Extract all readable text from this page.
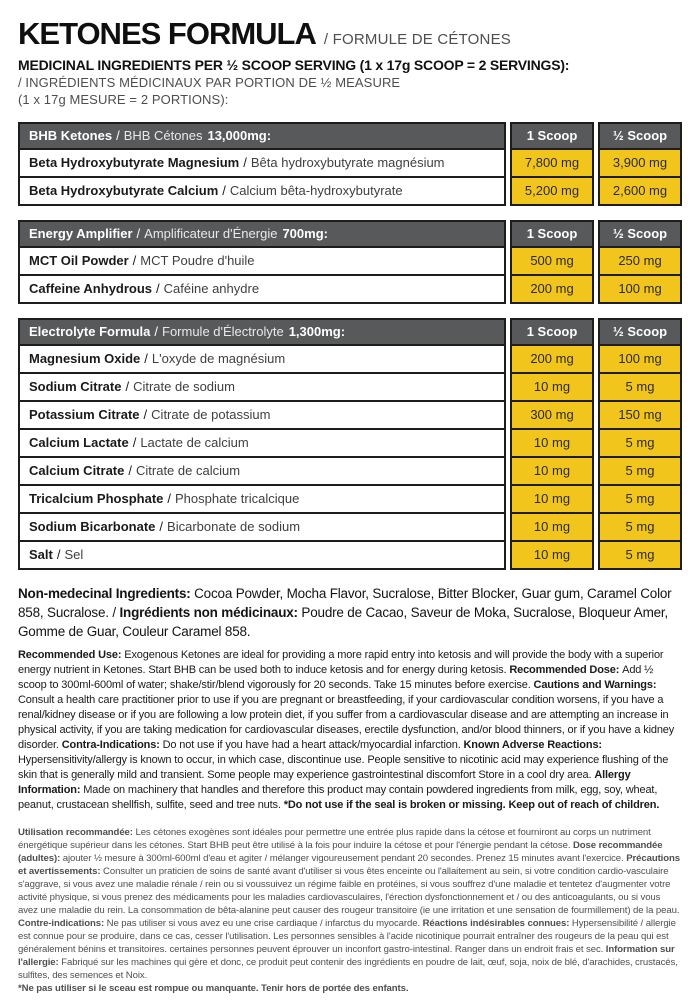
KETONES FORMULA / FORMULE DE CÉTONES
MEDICINAL INGREDIENTS PER ½ SCOOP SERVING (1 x 17g SCOOP = 2 SERVINGS):
/ INGRÉDIENTS MÉDICINAUX PAR PORTION DE ½ MEASURE
(1 x 17g MESURE = 2 PORTIONS):
BHB Ketones / BHB Cétones 13,000mg:	1 Scoop	½ Scoop
Beta Hydroxybutyrate Magnesium / Bêta hydroxybutyrate magnésium	7,800 mg	3,900 mg
Beta Hydroxybutyrate Calcium / Calcium bêta-hydroxybutyrate	5,200 mg	2,600 mg
Energy Amplifier / Amplificateur d'Énergie 700mg:	1 Scoop	½ Scoop
MCT Oil Powder / MCT Poudre d'huile	500 mg	250 mg
Caffeine Anhydrous / Caféine anhydre	200 mg	100 mg
Electrolyte Formula / Formule d'Électrolyte 1,300mg:	1 Scoop	½ Scoop
Magnesium Oxide / L'oxyde de magnésium	200 mg	100 mg
Sodium Citrate / Citrate de sodium	10 mg	5 mg
Potassium Citrate / Citrate de potassium	300 mg	150 mg
Calcium Lactate / Lactate de calcium	10 mg	5 mg
Calcium Citrate / Citrate de calcium	10 mg	5 mg
Tricalcium Phosphate / Phosphate tricalcique	10 mg	5 mg
Sodium Bicarbonate / Bicarbonate de sodium	10 mg	5 mg
Salt / Sel	10 mg	5 mg
Non-medecinal Ingredients: Cocoa Powder, Mocha Flavor, Sucralose, Bitter Blocker, Guar gum, Caramel Color 858, Sucralose. / Ingrédients non médicinaux: Poudre de Cacao, Saveur de Moka, Sucralose, Bloqueur Amer, Gomme de Guar, Couleur Caramel 858.
Recommended Use: Exogenous Ketones are ideal for providing a more rapid entry into ketosis and will provide the body with a superior energy nutrient in Ketones. Start BHB can be used both to induce ketosis and for energy during ketosis. Recommended Dose: Add ½ scoop to 300ml-600ml of water; shake/stir/blend vigorously for 20 seconds. Take 15 minutes before exercise. Cautions and Warnings: Consult a health care practitioner prior to use if you are pregnant or breastfeeding, if your cardiovascular condition worsens, if you have a renal/kidney disease or if you are following a low protein diet, if you suffer from a cardiovascular disease and are attempting an increase in physical activity, if you are taking medication for cardiovascular diseases, erectile dysfunction, and/or blood thinners, or if you have a kidney disorder. Contra-Indications: Do not use if you have had a heart attack/myocardial infarction. Known Adverse Reactions: Hypersensitivity/allergy is known to occur, in which case, discontinue use. People sensitive to nicotinic acid may experience flushing of the skin that is generally mild and transient. Some people may experience gastrointestinal discomfort Store in a cool dry area. Allergy Information: Made on machinery that handles and therefore this product may contain powdered ingredients from milk, egg, soy, wheat, peanut, crustacean shellfish, sulfite, seed and tree nuts. *Do not use if the seal is broken or missing. Keep out of reach of children.
Utilisation recommandée: Les cétones exogènes sont idéales pour permettre une entrée plus rapide dans la cétose et fourniront au corps un nutriment énergétique supérieur dans les cétones. Start BHB peut être utilisé à la fois pour induire la cétose et pour l'énergie pendant la cétose. Dose recommandée (adultes): ajouter ½ mesure à 300ml-600ml d'eau et agiter / mélanger vigoureusement pendant 20 secondes. Prenez 15 minutes avant l'exercice. Précautions et avertissements: Consulter un praticien de soins de santé avant d'utiliser si vous êtes enceinte ou l'allaitement au sein, si votre condition cardio-vasculaire s'aggrave, si vous avez une maladie rénale / rein ou si voussuivez un régime faible en protéines, si vous souffrez d'une maladie et tentetez d'augmenter votre activité physique, si vous prenez des médicaments pour les maladies cardiovasculaires, l'érection dysfonctionnement et / ou des anticoagulants, ou si vous avez une maladie du rein. La consommation de bêta-alanine peut causer des rougeur transitoire (ie une irritation et une sensation de fourmillement) de la peau. Contre-indications: Ne pas utiliser si vous avez eu une crise cardiaque / infarctus du myocarde. Réactions indésirables connues: Hypersensibilité / allergie est connue pour se produire, dans ce cas, cesser l'utilisation. Les personnes sensibles à l'acide nicotinique pourrait entraîner des rougeurs de la peau qui est généralement bénins et transitoires. certaines personnes peuvent éprouver un inconfort gastro-intestinal. Ranger dans un endroit frais et sec. Information sur l'allergie: Fabriqué sur les machines qui gère et donc, ce produit peut contenir des ingrédients en poudre de lait, œuf, soja, noix de blé, d'arachides, crustacés, sulfites, des semences et Noix.
*Ne pas utiliser si le sceau est rompue ou manquante. Tenir hors de portée des enfants.
